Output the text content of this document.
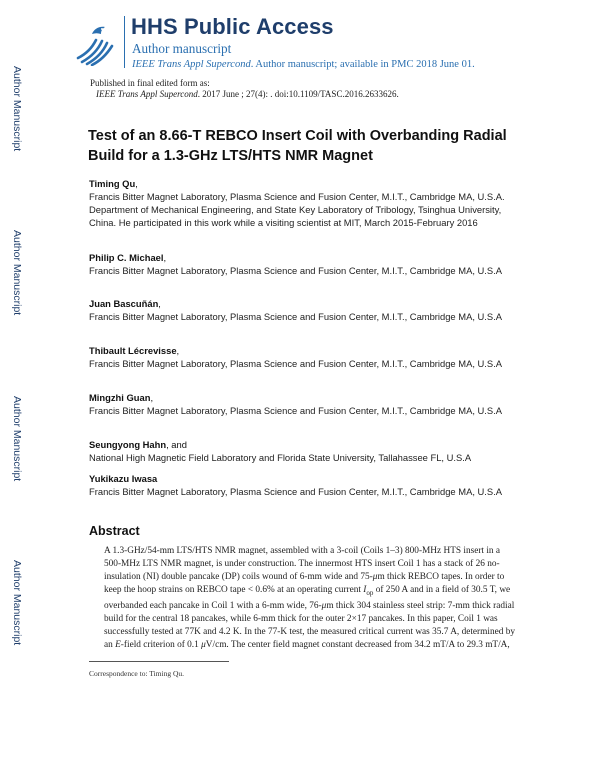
HHS Public Access
Author manuscript
IEEE Trans Appl Supercond. Author manuscript; available in PMC 2018 June 01.
Author Manuscript
Author Manuscript
Author Manuscript
Author Manuscript
Published in final edited form as:
IEEE Trans Appl Supercond. 2017 June ; 27(4): . doi:10.1109/TASC.2016.2633626.
Test of an 8.66-T REBCO Insert Coil with Overbanding Radial Build for a 1.3-GHz LTS/HTS NMR Magnet
Timing Qu,
Francis Bitter Magnet Laboratory, Plasma Science and Fusion Center, M.I.T., Cambridge MA, U.S.A. Department of Mechanical Engineering, and State Key Laboratory of Tribology, Tsinghua University, China. He participated in this work while a visiting scientist at MIT, March 2015-February 2016
Philip C. Michael,
Francis Bitter Magnet Laboratory, Plasma Science and Fusion Center, M.I.T., Cambridge MA, U.S.A
Juan Bascuñán,
Francis Bitter Magnet Laboratory, Plasma Science and Fusion Center, M.I.T., Cambridge MA, U.S.A
Thibault Lécrevisse,
Francis Bitter Magnet Laboratory, Plasma Science and Fusion Center, M.I.T., Cambridge MA, U.S.A
Mingzhi Guan,
Francis Bitter Magnet Laboratory, Plasma Science and Fusion Center, M.I.T., Cambridge MA, U.S.A
Seungyong Hahn, and
National High Magnetic Field Laboratory and Florida State University, Tallahassee FL, U.S.A
Yukikazu Iwasa
Francis Bitter Magnet Laboratory, Plasma Science and Fusion Center, M.I.T., Cambridge MA, U.S.A
Abstract
A 1.3-GHz/54-mm LTS/HTS NMR magnet, assembled with a 3-coil (Coils 1–3) 800-MHz HTS insert in a 500-MHz LTS NMR magnet, is under construction. The innermost HTS insert Coil 1 has a stack of 26 no-insulation (NI) double pancake (DP) coils wound of 6-mm wide and 75-μm thick REBCO tapes. In order to keep the hoop strains on REBCO tape < 0.6% at an operating current $I_{op}$ of 250 A and in a field of 30.5 T, we overbanded each pancake in Coil 1 with a 6-mm wide, 76-μm thick 304 stainless steel strip: 7-mm thick radial build for the central 18 pancakes, while 6-mm thick for the outer 2×17 pancakes. In this paper, Coil 1 was successfully tested at 77K and 4.2 K. In the 77-K test, the measured critical current was 35.7 A, determined by an E-field criterion of 0.1 μV/cm. The center field magnet constant decreased from 34.2 mT/A to 29.3 mT/A,
Correspondence to: Timing Qu.
